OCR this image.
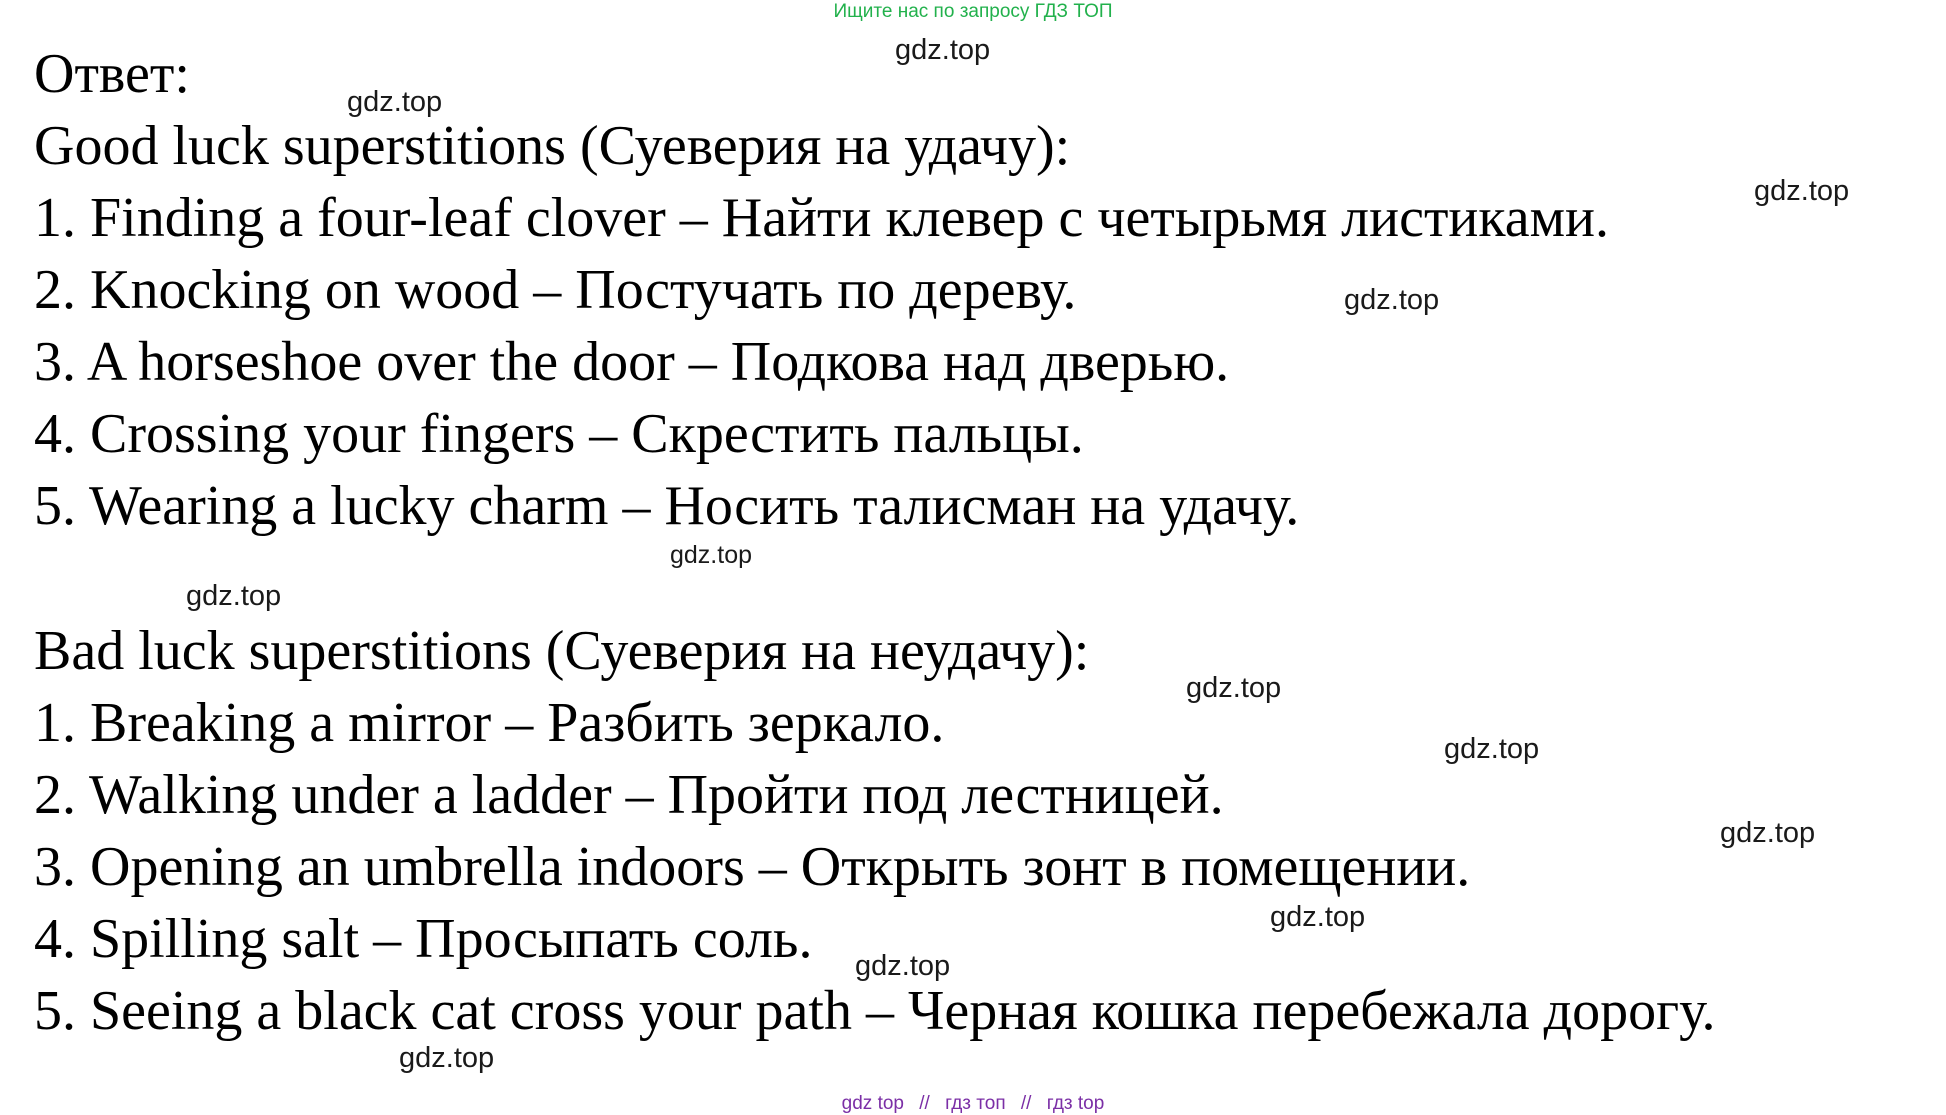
Ищите нас по запросу ГДЗ ТОП
Ответ:
Good luck superstitions (Суеверия на удачу):
1. Finding a four-leaf clover – Найти клевер с четырьмя листиками.
2. Knocking on wood – Постучать по дереву.
3. A horseshoe over the door – Подкова над дверью.
4. Crossing your fingers – Скрестить пальцы.
5. Wearing a lucky charm – Носить талисман на удачу.
Bad luck superstitions (Суеверия на неудачу):
1. Breaking a mirror – Разбить зеркало.
2. Walking under a ladder – Пройти под лестницей.
3. Opening an umbrella indoors – Открыть зонт в помещении.
4. Spilling salt – Просыпать соль.
5. Seeing a black cat cross your path – Черная кошка перебежала дорогу.
gdz.top
gdz.top
gdz.top
gdz.top
gdz.top
gdz.top
gdz.top
gdz.top
gdz.top
gdz.top
gdz.top
gdz.top
gdz top // гдз топ // гдз top
